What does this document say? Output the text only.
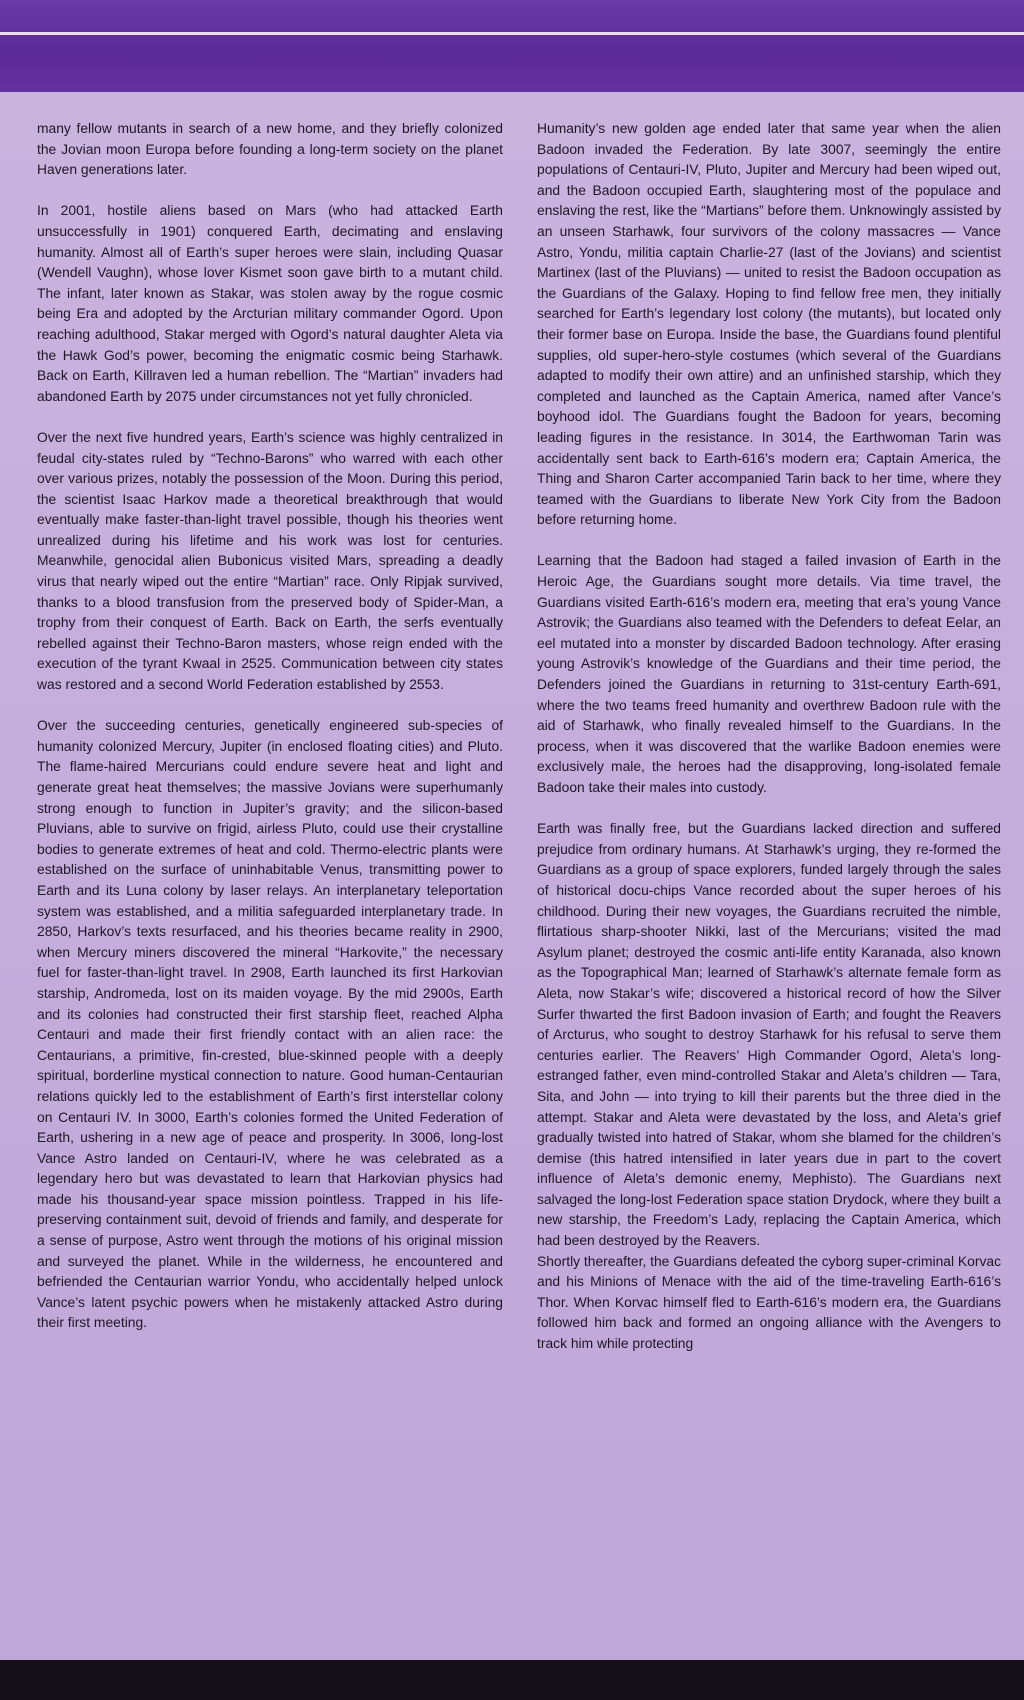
many fellow mutants in search of a new home, and they briefly colonized the Jovian moon Europa before founding a long-term society on the planet Haven generations later.

In 2001, hostile aliens based on Mars (who had attacked Earth unsuccessfully in 1901) conquered Earth, decimating and enslaving humanity. Almost all of Earth’s super heroes were slain, including Quasar (Wendell Vaughn), whose lover Kismet soon gave birth to a mutant child. The infant, later known as Stakar, was stolen away by the rogue cosmic being Era and adopted by the Arcturian military commander Ogord. Upon reaching adulthood, Stakar merged with Ogord’s natural daughter Aleta via the Hawk God’s power, becoming the enigmatic cosmic being Starhawk. Back on Earth, Killraven led a human rebellion. The “Martian” invaders had abandoned Earth by 2075 under circumstances not yet fully chronicled.

Over the next five hundred years, Earth’s science was highly centralized in feudal city-states ruled by “Techno-Barons” who warred with each other over various prizes, notably the possession of the Moon. During this period, the scientist Isaac Harkov made a theoretical breakthrough that would eventually make faster-than-light travel possible, though his theories went unrealized during his lifetime and his work was lost for centuries. Meanwhile, genocidal alien Bubonicus visited Mars, spreading a deadly virus that nearly wiped out the entire “Martian” race. Only Ripjak survived, thanks to a blood transfusion from the preserved body of Spider-Man, a trophy from their conquest of Earth. Back on Earth, the serfs eventually rebelled against their Techno-Baron masters, whose reign ended with the execution of the tyrant Kwaal in 2525. Communication between city states was restored and a second World Federation established by 2553.

Over the succeeding centuries, genetically engineered sub-species of humanity colonized Mercury, Jupiter (in enclosed floating cities) and Pluto. The flame-haired Mercurians could endure severe heat and light and generate great heat themselves; the massive Jovians were superhumanly strong enough to function in Jupiter’s gravity; and the silicon-based Pluvians, able to survive on frigid, airless Pluto, could use their crystalline bodies to generate extremes of heat and cold. Thermo-electric plants were established on the surface of uninhabitable Venus, transmitting power to Earth and its Luna colony by laser relays. An interplanetary teleportation system was established, and a militia safeguarded interplanetary trade. In 2850, Harkov’s texts resurfaced, and his theories became reality in 2900, when Mercury miners discovered the mineral “Harkovite,” the necessary fuel for faster-than-light travel. In 2908, Earth launched its first Harkovian starship, Andromeda, lost on its maiden voyage. By the mid 2900s, Earth and its colonies had constructed their first starship fleet, reached Alpha Centauri and made their first friendly contact with an alien race: the Centaurians, a primitive, fin-crested, blue-skinned people with a deeply spiritual, borderline mystical connection to nature. Good human-Centaurian relations quickly led to the establishment of Earth’s first interstellar colony on Centauri IV. In 3000, Earth’s colonies formed the United Federation of Earth, ushering in a new age of peace and prosperity. In 3006, long-lost Vance Astro landed on Centauri-IV, where he was celebrated as a legendary hero but was devastated to learn that Harkovian physics had made his thousand-year space mission pointless. Trapped in his life-preserving containment suit, devoid of friends and family, and desperate for a sense of purpose, Astro went through the motions of his original mission and surveyed the planet. While in the wilderness, he encountered and befriended the Centaurian warrior Yondu, who accidentally helped unlock Vance’s latent psychic powers when he mistakenly attacked Astro during their first meeting.

Humanity’s new golden age ended later that same year when the alien Badoon invaded the Federation. By late 3007, seemingly the entire populations of Centauri-IV, Pluto, Jupiter and Mercury had been wiped out, and the Badoon occupied Earth, slaughtering most of the populace and enslaving the rest, like the “Martians” before them. Unknowingly assisted by an unseen Starhawk, four survivors of the colony massacres — Vance Astro, Yondu, militia captain Charlie-27 (last of the Jovians) and scientist Martinex (last of the Pluvians) — united to resist the Badoon occupation as the Guardians of the Galaxy. Hoping to find fellow free men, they initially searched for Earth’s legendary lost colony (the mutants), but located only their former base on Europa. Inside the base, the Guardians found plentiful supplies, old super-hero-style costumes (which several of the Guardians adapted to modify their own attire) and an unfinished starship, which they completed and launched as the Captain America, named after Vance’s boyhood idol. The Guardians fought the Badoon for years, becoming leading figures in the resistance. In 3014, the Earthwoman Tarin was accidentally sent back to Earth-616’s modern era; Captain America, the Thing and Sharon Carter accompanied Tarin back to her time, where they teamed with the Guardians to liberate New York City from the Badoon before returning home.

Learning that the Badoon had staged a failed invasion of Earth in the Heroic Age, the Guardians sought more details. Via time travel, the Guardians visited Earth-616’s modern era, meeting that era’s young Vance Astrovik; the Guardians also teamed with the Defenders to defeat Eelar, an eel mutated into a monster by discarded Badoon technology. After erasing young Astrovik’s knowledge of the Guardians and their time period, the Defenders joined the Guardians in returning to 31st-century Earth-691, where the two teams freed humanity and overthrew Badoon rule with the aid of Starhawk, who finally revealed himself to the Guardians. In the process, when it was discovered that the warlike Badoon enemies were exclusively male, the heroes had the disapproving, long-isolated female Badoon take their males into custody.

Earth was finally free, but the Guardians lacked direction and suffered prejudice from ordinary humans. At Starhawk’s urging, they re-formed the Guardians as a group of space explorers, funded largely through the sales of historical docu-chips Vance recorded about the super heroes of his childhood. During their new voyages, the Guardians recruited the nimble, flirtatious sharp-shooter Nikki, last of the Mercurians; visited the mad Asylum planet; destroyed the cosmic anti-life entity Karanada, also known as the Topographical Man; learned of Starhawk’s alternate female form as Aleta, now Stakar’s wife; discovered a historical record of how the Silver Surfer thwarted the first Badoon invasion of Earth; and fought the Reavers of Arcturus, who sought to destroy Starhawk for his refusal to serve them centuries earlier. The Reavers’ High Commander Ogord, Aleta’s long-estranged father, even mind-controlled Stakar and Aleta’s children — Tara, Sita, and John — into trying to kill their parents but the three died in the attempt. Stakar and Aleta were devastated by the loss, and Aleta’s grief gradually twisted into hatred of Stakar, whom she blamed for the children’s demise (this hatred intensified in later years due in part to the covert influence of Aleta’s demonic enemy, Mephisto). The Guardians next salvaged the long-lost Federation space station Drydock, where they built a new starship, the Freedom’s Lady, replacing the Captain America, which had been destroyed by the Reavers.

Shortly thereafter, the Guardians defeated the cyborg super-criminal Korvac and his Minions of Menace with the aid of the time-traveling Earth-616’s Thor. When Korvac himself fled to Earth-616’s modern era, the Guardians followed him back and formed an ongoing alliance with the Avengers to track him while protecting
